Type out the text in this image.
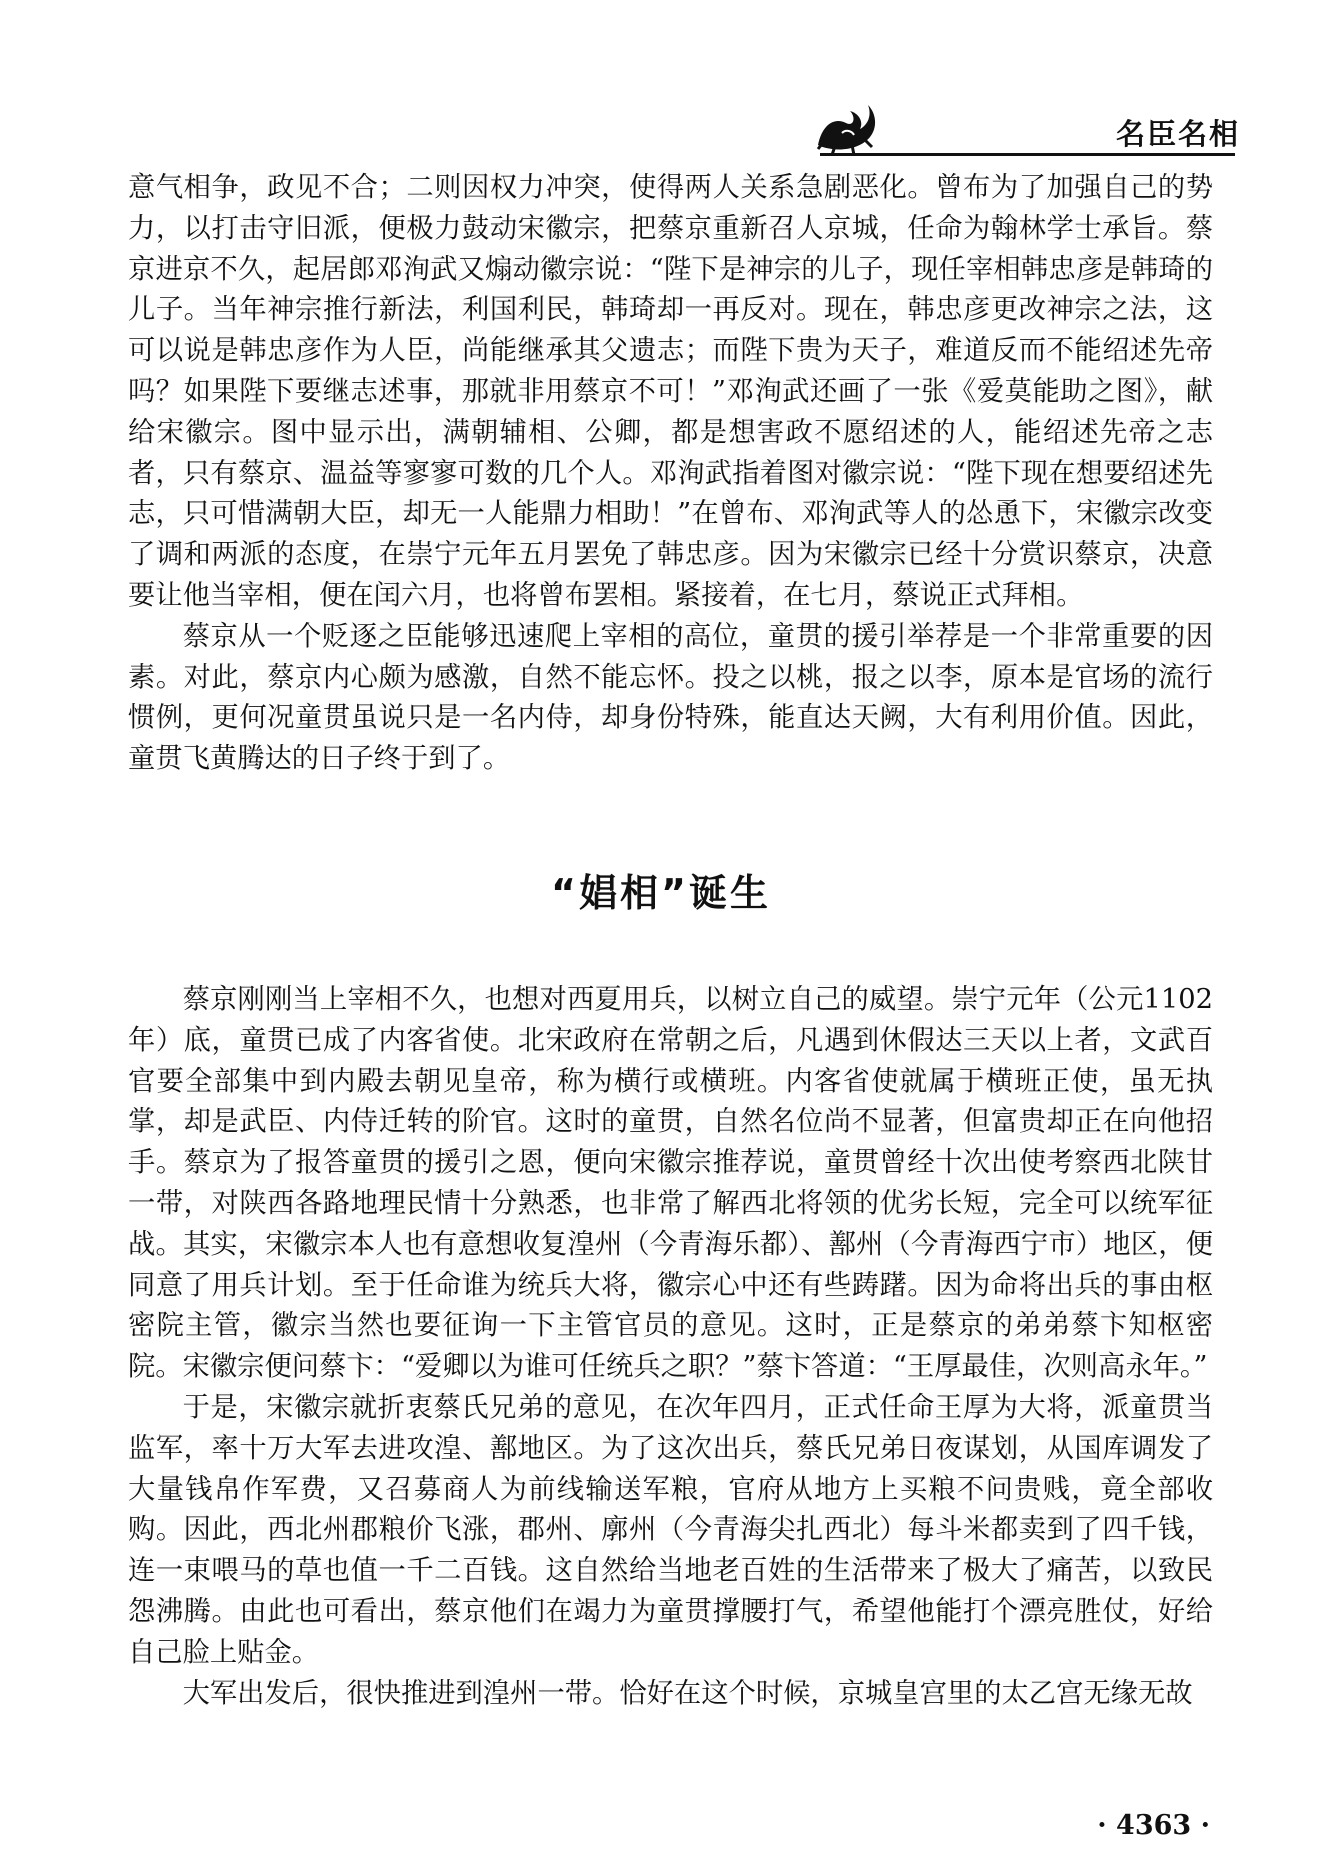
名臣名相

意气相争，政见不合；二则因权力冲突，使得两人关系急剧恶化。曾布为了加强自己的势力，以打击守旧派，便极力鼓动宋徽宗，把蔡京重新召人京城，任命为翰林学士承旨。蔡京进京不久，起居郎邓洵武又煽动徽宗说：“陛下是神宗的儿子，现任宰相韩忠彦是韩琦的儿子。当年神宗推行新法，利国利民，韩琦却一再反对。现在，韩忠彦更改神宗之法，这可以说是韩忠彦作为人臣，尚能继承其父遗志；而陛下贵为天子，难道反而不能绍述先帝吗？如果陛下要继志述事，那就非用蔡京不可！”邓洵武还画了一张《爱莫能助之图》，献给宋徽宗。图中显示出，满朝辅相、公卿，都是想害政不愿绍述的人，能绍述先帝之志者，只有蔡京、温益等寥寥可数的几个人。邓洵武指着图对徽宗说：“陛下现在想要绍述先志，只可惜满朝大臣，却无一人能鼎力相助！”在曾布、邓洵武等人的怂恿下，宋徽宗改变了调和两派的态度，在崇宁元年五月罢免了韩忠彦。因为宋徽宗已经十分赏识蔡京，决意要让他当宰相，便在闰六月，也将曾布罢相。紧接着，在七月，蔡说正式拜相。

蔡京从一个贬逐之臣能够迅速爬上宰相的高位，童贯的援引举荐是一个非常重要的因素。对此，蔡京内心颇为感激，自然不能忘怀。投之以桃，报之以李，原本是官场的流行惯例，更何况童贯虽说只是一名内侍，却身份特殊，能直达天阙，大有利用价值。因此，童贯飞黄腾达的日子终于到了。

“娼相”诞生

蔡京刚刚当上宰相不久，也想对西夏用兵，以树立自己的威望。崇宁元年（公元1102年）底，童贯已成了内客省使。北宋政府在常朝之后，凡遇到休假达三天以上者，文武百官要全部集中到内殿去朝见皇帝，称为横行或横班。内客省使就属于横班正使，虽无执掌，却是武臣、内侍迁转的阶官。这时的童贯，自然名位尚不显著，但富贵却正在向他招手。蔡京为了报答童贯的援引之恩，便向宋徽宗推荐说，童贯曾经十次出使考察西北陕甘一带，对陕西各路地理民情十分熟悉，也非常了解西北将领的优劣长短，完全可以统军征战。其实，宋徽宗本人也有意想收复湟州（今青海乐都）、鄯州（今青海西宁市）地区，便同意了用兵计划。至于任命谁为统兵大将，徽宗心中还有些踌躇。因为命将出兵的事由枢密院主管，徽宗当然也要征询一下主管官员的意见。这时，正是蔡京的弟弟蔡卞知枢密院。宋徽宗便问蔡卞：“爱卿以为谁可任统兵之职？”蔡卞答道：“王厚最佳，次则高永年。”

于是，宋徽宗就折衷蔡氏兄弟的意见，在次年四月，正式任命王厚为大将，派童贯当监军，率十万大军去进攻湟、鄯地区。为了这次出兵，蔡氏兄弟日夜谋划，从国库调发了大量钱帛作军费，又召募商人为前线输送军粮，官府从地方上买粮不问贵贱，竟全部收购。因此，西北州郡粮价飞涨，郡州、廓州（今青海尖扎西北）每斗米都卖到了四千钱，连一束喂马的草也值一千二百钱。这自然给当地老百姓的生活带来了极大了痛苦，以致民怨沸腾。由此也可看出，蔡京他们在竭力为童贯撑腰打气，希望他能打个漂亮胜仗，好给自己脸上贴金。

大军出发后，很快推进到湟州一带。恰好在这个时候，京城皇宫里的太乙宫无缘无故

· 4363 ·
